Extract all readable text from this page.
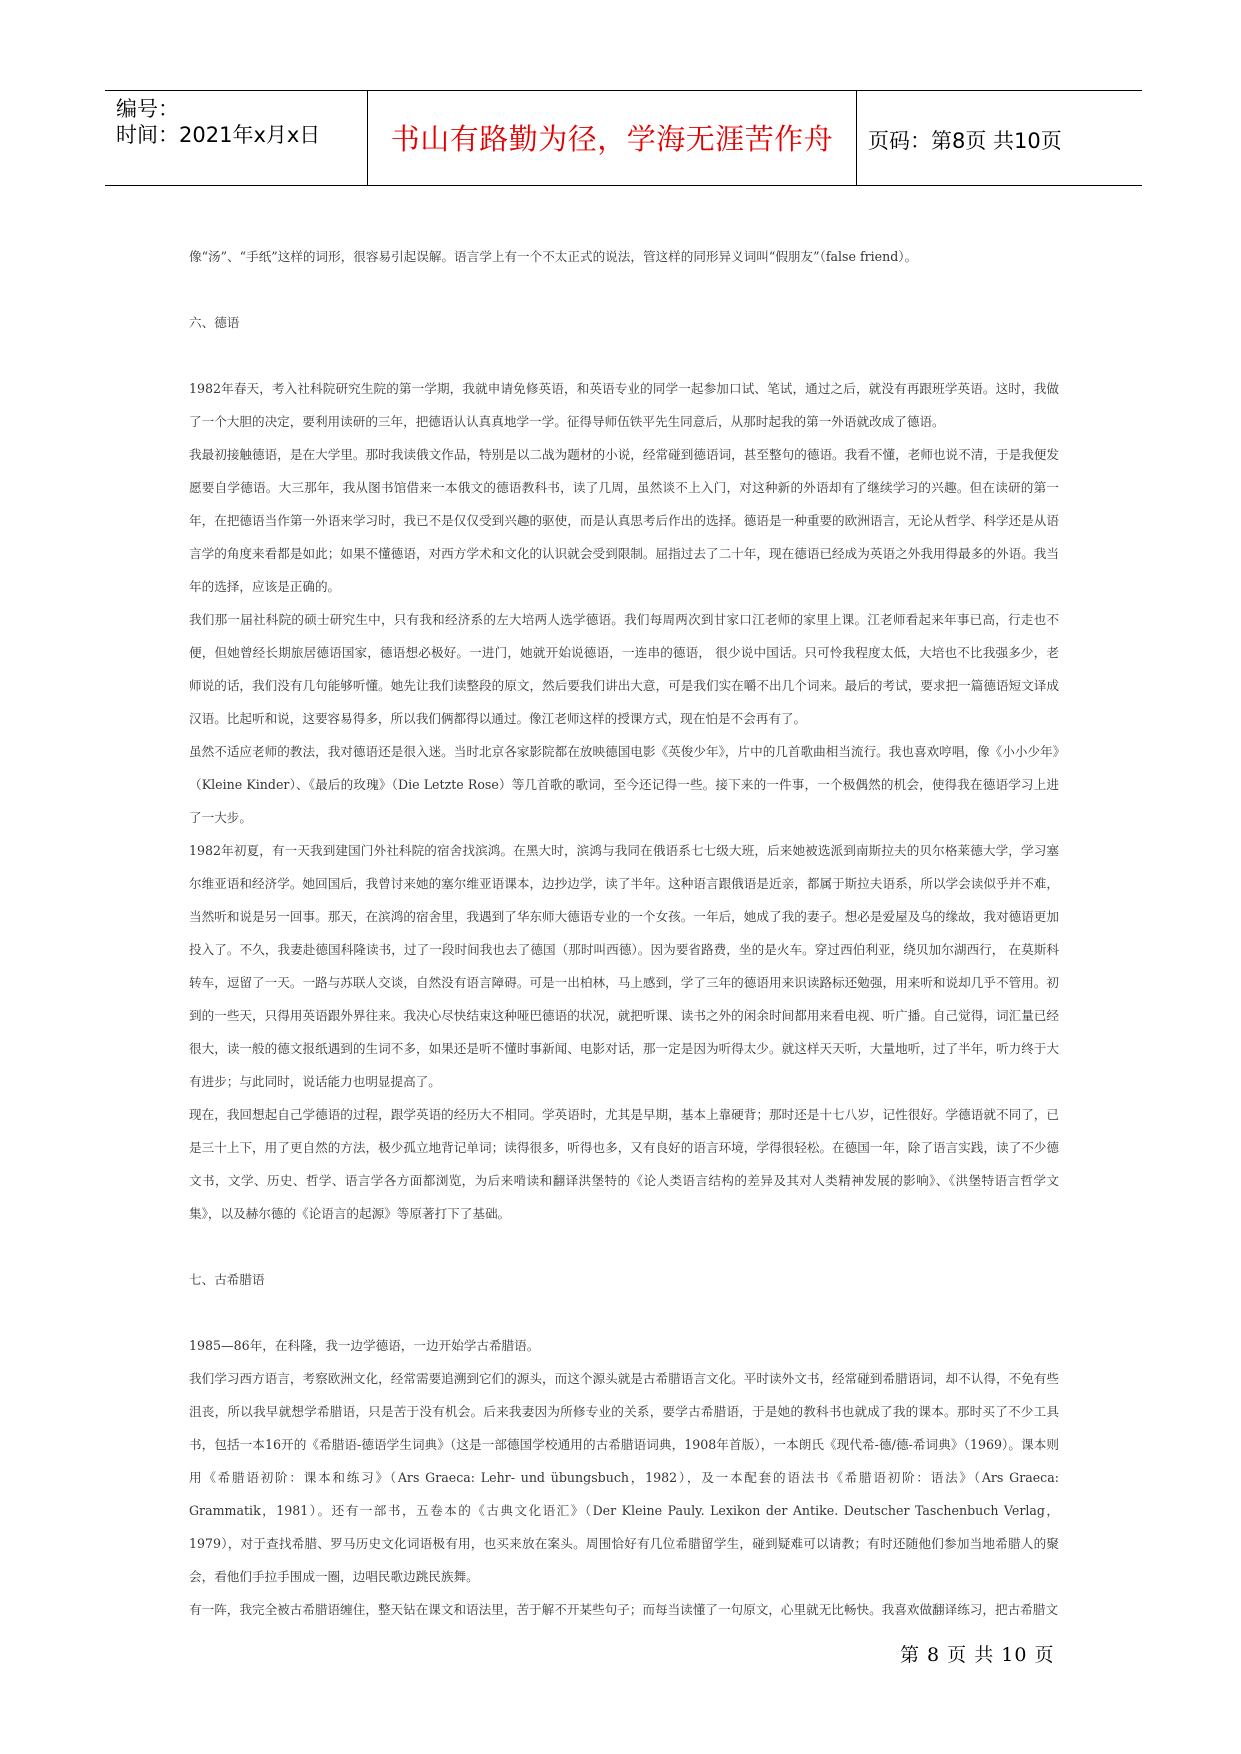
编号：
时间：2021年x月x日	书山有路勤为径，学海无涯苦作舟	页码：第8页 共10页

像“汤”、“手纸”这样的词形，很容易引起误解。语言学上有一个不太正式的说法，管这样的同形异义词叫“假朋友”（false friend）。

六、德语

1982年春天，考入社科院研究生院的第一学期，我就申请免修英语，和英语专业的同学一起参加口试、笔试，通过之后，就没有再跟班学英语。这时，我做了一个大胆的决定，要利用读研的三年，把德语认认真真地学一学。征得导师伍铁平先生同意后，从那时起我的第一外语就改成了德语。

我最初接触德语，是在大学里。那时我读俄文作品，特别是以二战为题材的小说，经常碰到德语词，甚至整句的德语。我看不懂，老师也说不清，于是我便发愿要自学德语。大三那年，我从图书馆借来一本俄文的德语教科书，读了几周，虽然谈不上入门，对这种新的外语却有了继续学习的兴趣。但在读研的第一年，在把德语当作第一外语来学习时，我已不是仅仅受到兴趣的驱使，而是认真思考后作出的选择。德语是一种重要的欧洲语言，无论从哲学、科学还是从语言学的角度来看都是如此；如果不懂德语，对西方学术和文化的认识就会受到限制。屈指过去了二十年，现在德语已经成为英语之外我用得最多的外语。我当年的选择，应该是正确的。

我们那一届社科院的硕士研究生中，只有我和经济系的左大培两人选学德语。我们每周两次到甘家口江老师的家里上课。江老师看起来年事已高，行走也不便，但她曾经长期旅居德语国家，德语想必极好。一进门，她就开始说德语，一连串的德语， 很少说中国话。只可怜我程度太低，大培也不比我强多少，老师说的话，我们没有几句能够听懂。她先让我们读整段的原文，然后要我们讲出大意，可是我们实在嚼不出几个词来。最后的考试，要求把一篇德语短文译成汉语。比起听和说，这要容易得多，所以我们俩都得以通过。像江老师这样的授课方式，现在怕是不会再有了。

虽然不适应老师的教法，我对德语还是很入迷。当时北京各家影院都在放映德国电影《英俊少年》，片中的几首歌曲相当流行。我也喜欢哼唱，像《小小少年》（Kleine Kinder）、《最后的玫瑰》（Die Letzte Rose）等几首歌的歌词，至今还记得一些。接下来的一件事，一个极偶然的机会，使得我在德语学习上进了一大步。

1982年初夏，有一天我到建国门外社科院的宿舍找滨鸿。在黑大时，滨鸿与我同在俄语系七七级大班，后来她被选派到南斯拉夫的贝尔格莱德大学，学习塞尔维亚语和经济学。她回国后，我曾讨来她的塞尔维亚语课本，边抄边学，读了半年。这种语言跟俄语是近亲，都属于斯拉夫语系，所以学会读似乎并不难，当然听和说是另一回事。那天，在滨鸿的宿舍里，我遇到了华东师大德语专业的一个女孩。一年后，她成了我的妻子。想必是爱屋及乌的缘故，我对德语更加投入了。不久，我妻赴德国科隆读书，过了一段时间我也去了德国（那时叫西德）。因为要省路费，坐的是火车。穿过西伯利亚，绕贝加尔湖西行， 在莫斯科转车，逗留了一天。一路与苏联人交谈，自然没有语言障碍。可是一出柏林，马上感到，学了三年的德语用来识读路标还勉强，用来听和说却几乎不管用。初到的一些天，只得用英语跟外界往来。我决心尽快结束这种哑巴德语的状况，就把听课、读书之外的闲余时间都用来看电视、听广播。自己觉得，词汇量已经很大，读一般的德文报纸遇到的生词不多，如果还是听不懂时事新闻、电影对话，那一定是因为听得太少。就这样天天听，大量地听，过了半年，听力终于大有进步；与此同时，说话能力也明显提高了。

现在，我回想起自己学德语的过程，跟学英语的经历大不相同。学英语时，尤其是早期，基本上靠硬背；那时还是十七八岁，记性很好。学德语就不同了，已是三十上下，用了更自然的方法，极少孤立地背记单词；读得很多，听得也多，又有良好的语言环境，学得很轻松。在德国一年，除了语言实践，读了不少德文书，文学、历史、哲学、语言学各方面都浏览，为后来啃读和翻译洪堡特的《论人类语言结构的差异及其对人类精神发展的影响》、《洪堡特语言哲学文集》，以及赫尔德的《论语言的起源》等原著打下了基础。

七、古希腊语

1985—86年，在科隆，我一边学德语，一边开始学古希腊语。

我们学习西方语言，考察欧洲文化，经常需要追溯到它们的源头，而这个源头就是古希腊语言文化。平时读外文书，经常碰到希腊语词，却不认得，不免有些沮丧，所以我早就想学希腊语，只是苦于没有机会。后来我妻因为所修专业的关系，要学古希腊语，于是她的教科书也就成了我的课本。那时买了不少工具书，包括一本16开的《希腊语-德语学生词典》（这是一部德国学校通用的古希腊语词典，1908年首版），一本朗氏《现代希-德/德-希词典》（1969）。课本则用《希腊语初阶：课本和练习》（Ars Graeca: Lehr- und übungsbuch，1982），及一本配套的语法书《希腊语初阶：语法》（Ars Graeca: Grammatik，1981）。还有一部书，五卷本的《古典文化语汇》（Der Kleine Pauly. Lexikon der Antike. Deutscher Taschenbuch Verlag，1979），对于查找希腊、罗马历史文化词语极有用，也买来放在案头。周围恰好有几位希腊留学生，碰到疑难可以请教；有时还随他们参加当地希腊人的聚会，看他们手拉手围成一圈，边唱民歌边跳民族舞。

有一阵，我完全被古希腊语缠住，整天钻在课文和语法里，苦于解不开某些句子；而每当读懂了一句原文，心里就无比畅快。我喜欢做翻译练习，把古希腊文

第 8 页 共 10 页
